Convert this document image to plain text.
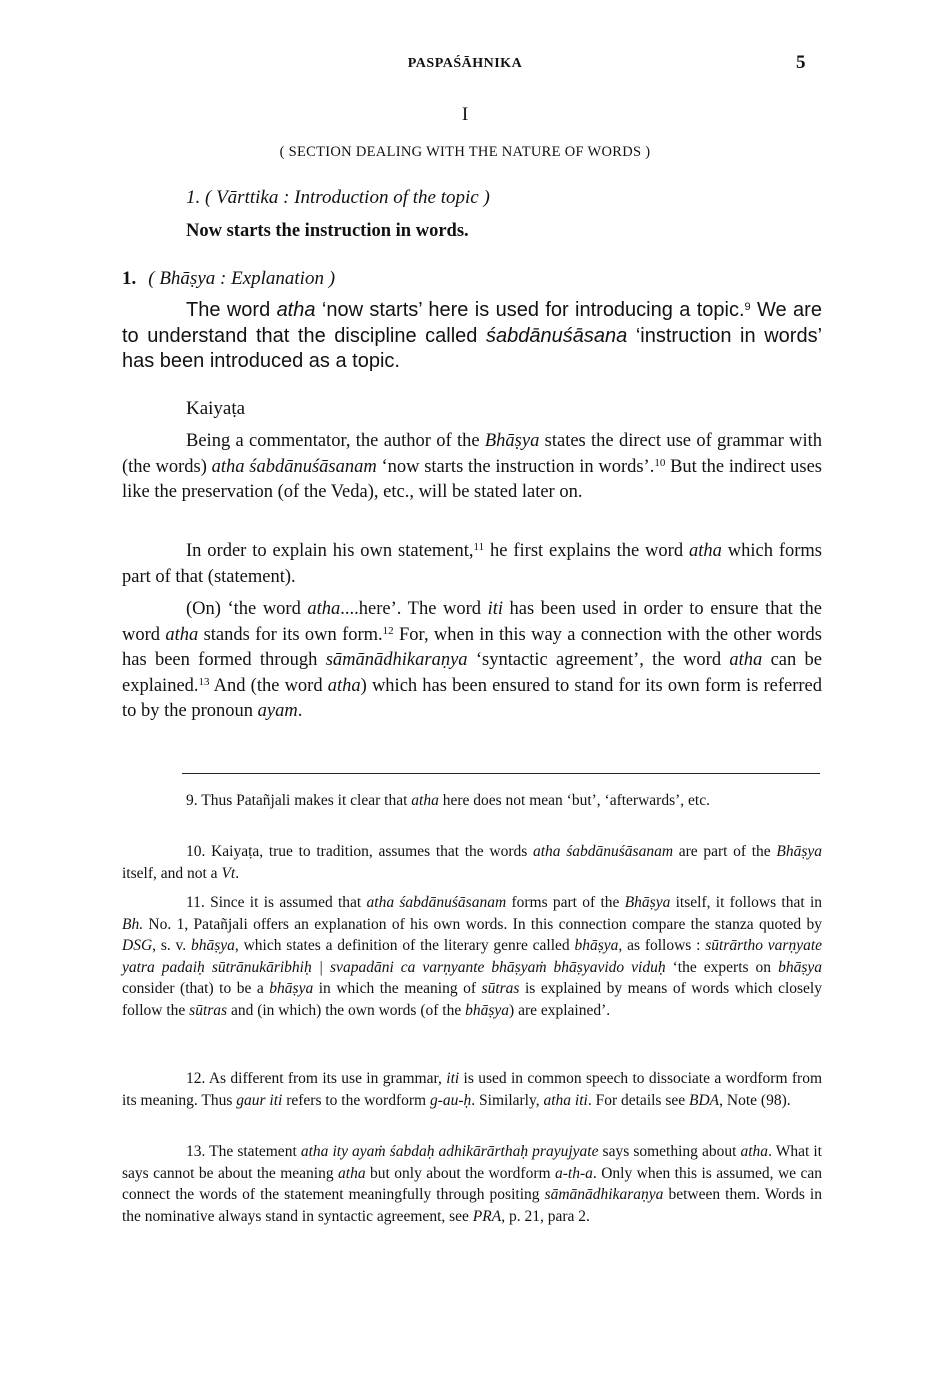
PASPAŚĀHNIKA	5
I
( SECTION DEALING WITH THE NATURE OF WORDS )
1. ( Vārttika : Introduction of the topic )
Now starts the instruction in words.
1. ( Bhāṣya : Explanation )
The word atha ‘now starts’ here is used for introducing a topic.$^9$ We are to understand that the discipline called śabdānuśāsana ‘instruction in words’ has been introduced as a topic.
Kaiyaṭa
Being a commentator, the author of the Bhāṣya states the direct use of grammar with (the words) atha śabdānuśāsanam ‘now starts the instruction in words’.$^{10}$ But the indirect uses like the preservation (of the Veda), etc., will be stated later on.
In order to explain his own statement,$^{11}$ he first explains the word atha which forms part of that (statement).
(On) ‘the word atha....here’. The word iti has been used in order to ensure that the word atha stands for its own form.$^{12}$ For, when in this way a connection with the other words has been formed through sāmānādhikaraṇya ‘syntactic agreement’, the word atha can be explained.$^{13}$ And (the word atha) which has been ensured to stand for its own form is referred to by the pronoun ayam.
9. Thus Patañjali makes it clear that atha here does not mean ‘but’, ‘afterwards’, etc.
10. Kaiyaṭa, true to tradition, assumes that the words atha śabdānuśāsanam are part of the Bhāṣya itself, and not a Vt.
11. Since it is assumed that atha śabdānuśāsanam forms part of the Bhāṣya itself, it follows that in Bh. No. 1, Patañjali offers an explanation of his own words. In this connection compare the stanza quoted by DSG, s. v. bhāṣya, which states a definition of the literary genre called bhāṣya, as follows : sūtrārtho varṇyate yatra padaiḥ sūtrānukāribhiḥ | svapadāni ca varṇyante bhāṣyaṁ bhāṣyavido viduḥ ‘the experts on bhāṣya consider (that) to be a bhāṣya in which the meaning of sūtras is explained by means of words which closely follow the sūtras and (in which) the own words (of the bhāṣya) are explained’.
12. As different from its use in grammar, iti is used in common speech to dissociate a wordform from its meaning. Thus gaur iti refers to the wordform g-au-ḥ. Similarly, atha iti. For details see BDA, Note (98).
13. The statement atha ity ayaṁ śabdaḥ adhikārārthaḥ prayujyate says something about atha. What it says cannot be about the meaning atha but only about the wordform a-th-a. Only when this is assumed, we can connect the words of the statement meaningfully through positing sāmānādhikaraṇya between them. Words in the nominative always stand in syntactic agreement, see PRA, p. 21, para 2.
